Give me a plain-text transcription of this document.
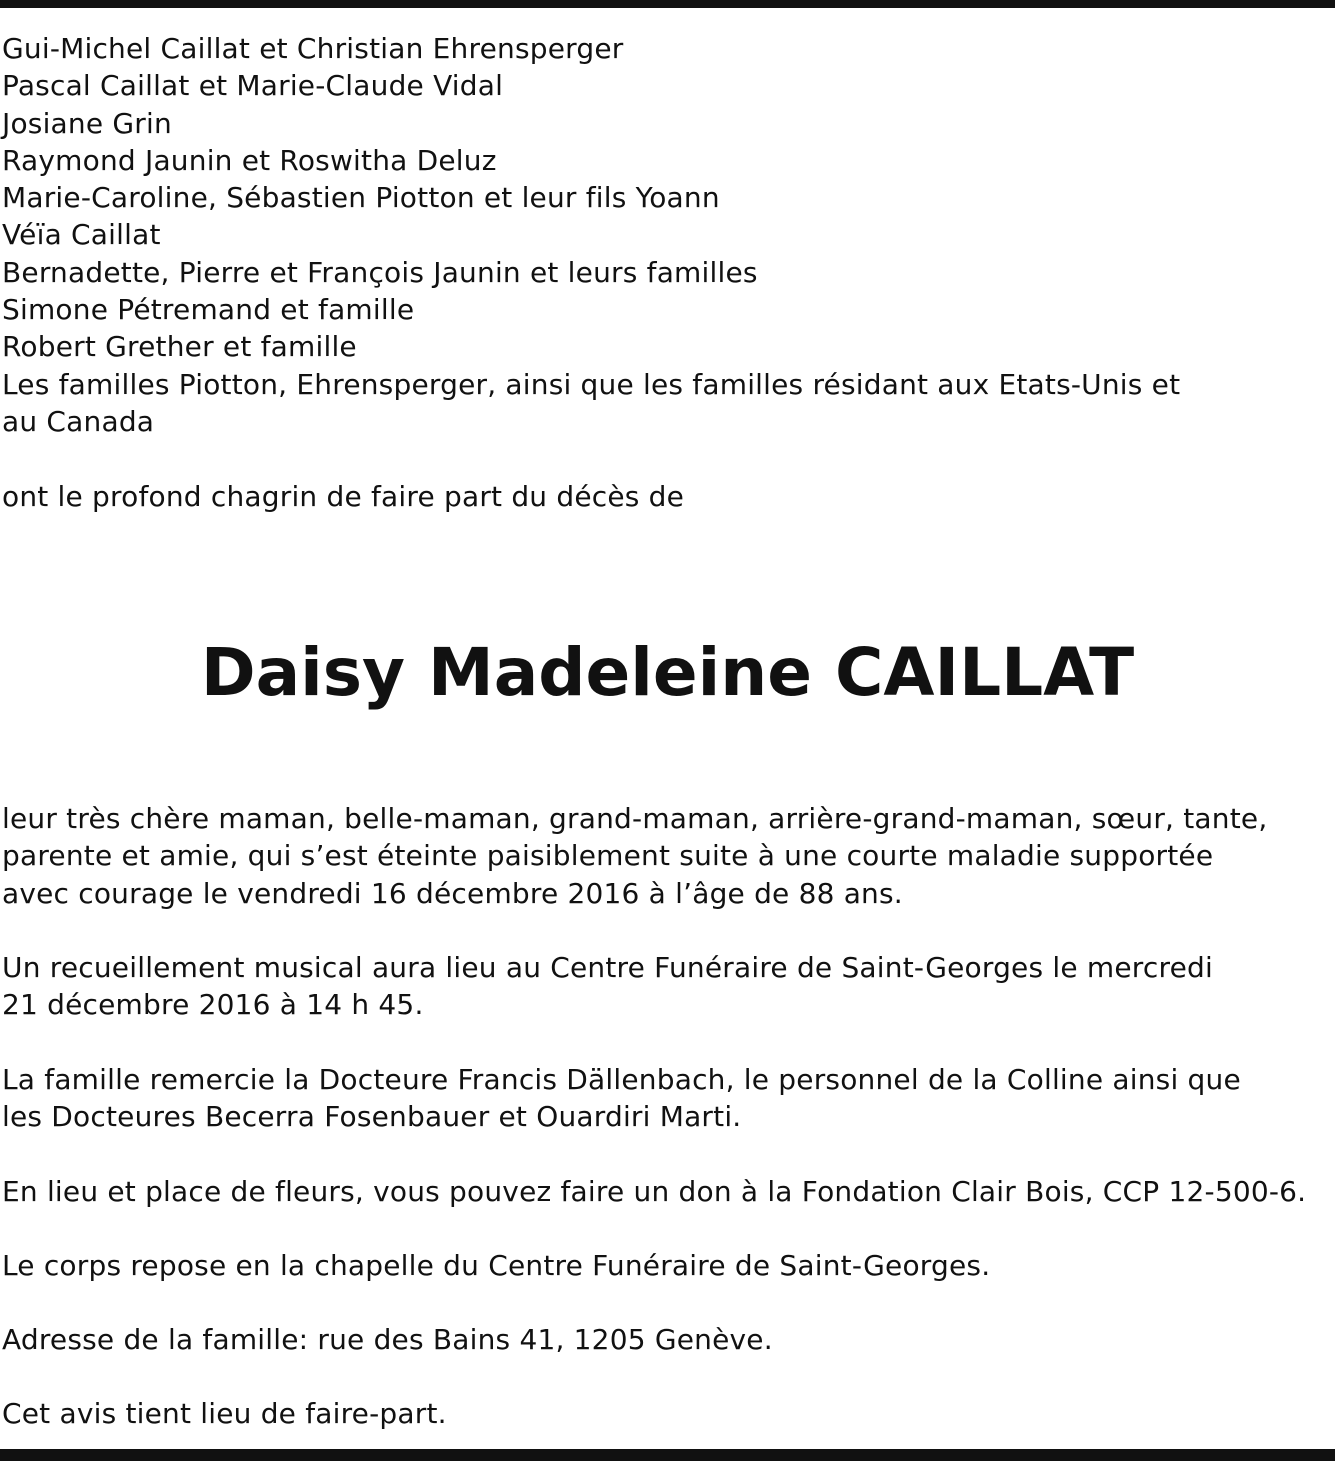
Gui-Michel Caillat et Christian Ehrensperger
Pascal Caillat et Marie-Claude Vidal
Josiane Grin
Raymond Jaunin et Roswitha Deluz
Marie-Caroline, Sébastien Piotton et leur fils Yoann
Véïa Caillat
Bernadette, Pierre et François Jaunin et leurs familles
Simone Pétremand et famille
Robert Grether et famille
Les familles Piotton, Ehrensperger, ainsi que les familles résidant aux Etats-Unis et
au Canada
ont le profond chagrin de faire part du décès de
Daisy Madeleine CAILLAT
leur très chère maman, belle-maman, grand-maman, arrière-grand-maman, sœur, tante,
parente et amie, qui s’est éteinte paisiblement suite à une courte maladie supportée
avec courage le vendredi 16 décembre 2016 à l’âge de 88 ans.
Un recueillement musical aura lieu au Centre Funéraire de Saint-Georges le mercredi
21 décembre 2016 à 14 h 45.
La famille remercie la Docteure Francis Dällenbach, le personnel de la Colline ainsi que
les Docteures Becerra Fosenbauer et Ouardiri Marti.
En lieu et place de fleurs, vous pouvez faire un don à la Fondation Clair Bois, CCP 12-500-6.
Le corps repose en la chapelle du Centre Funéraire de Saint-Georges.
Adresse de la famille: rue des Bains 41, 1205 Genève.
Cet avis tient lieu de faire-part.
